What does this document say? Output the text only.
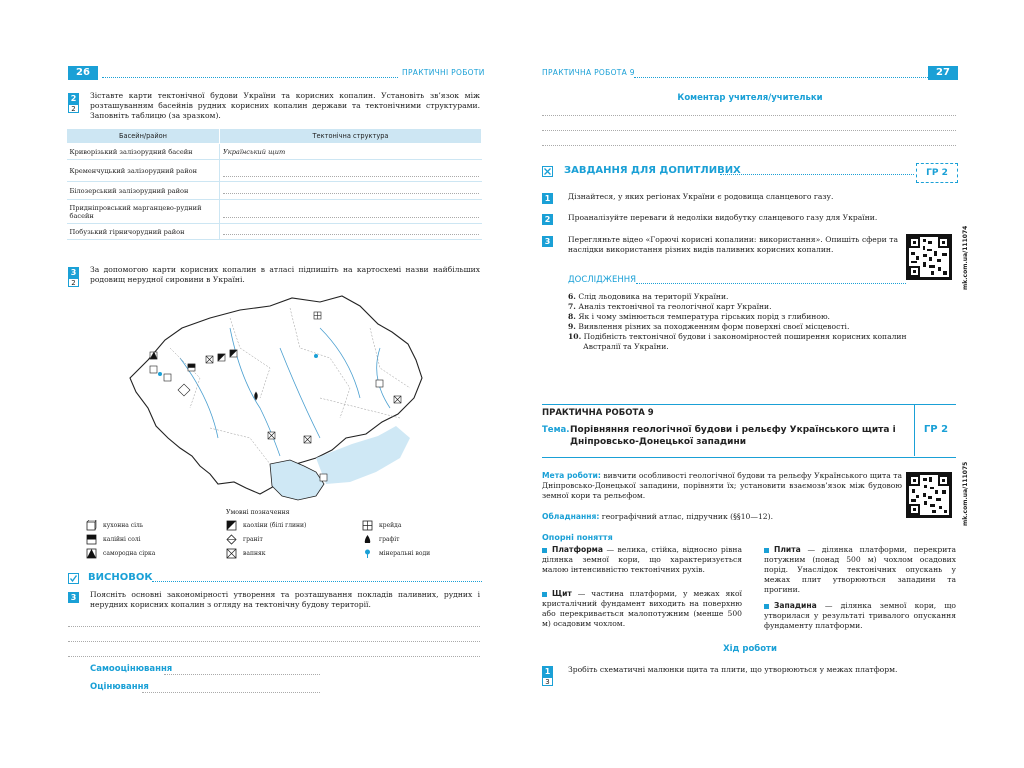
26	ПРАКТИЧНІ РОБОТИ
2
2
Зіставте карти тектонічної будови України та корисних копалин. Установіть зв’язок між розташуванням басейнів рудних корисних копалин держави та тектонічними структурами. Заповніть таблицю (за зразком).
Басейн/район	Тектонічна структура
Криворізький залізорудний басейн	Український щит
Кременчуцький залізорудний район	

Білозерський залізорудний район	

Придніпровський марганцево-рудний басейн	

Побузький гірничорудний район	
3
2
За допомогою карти корисних копалин в атласі підпишіть на картосхемі назви найбільших родовищ нерудної сировини в Україні.
Умовні позначення
кухонна сіль
калійні солі
самородна сірка
каоліни (білі глини)
граніт
вапняк
крейда
графіт
мінеральні води
ВИСНОВОК
3	Поясніть основні закономірності утворення та розташування покладів паливних, рудних і нерудних корисних копалин з огляду на тектонічну будову території.
Самооцінювання
Оцінювання
ПРАКТИЧНА РОБОТА 9	27
Коментар учителя/учительки
ЗАВДАННЯ ДЛЯ ДОПИТЛИВИХ	ГР 2
1	Дізнайтеся, у яких регіонах України є родовища сланцевого газу.
2	Проаналізуйте переваги й недоліки видобутку сланцевого газу для України.
3	Перегляньте відео «Горючі корисні копалини: використання». Опишіть сфери та наслідки використання різних видів паливних корисних копалин.	mk.com.ua/111074
ДОСЛІДЖЕННЯ
6. Слід льодовика на території України.
7. Аналіз тектонічної та геологічної карт України.
8. Як і чому змінюється температура гірських порід з глибиною.
9. Виявлення різних за походженням форм поверхні своєї місцевості.
10. Подібність тектонічної будови і закономірностей поширення корисних копалин Австралії та України.
ПРАКТИЧНА РОБОТА 9
Тема. Порівняння геологічної будови і рельєфу Українського щита і Дніпровсько-Донецької западини
ГР 2
Мета роботи: вивчити особливості геологічної будови та рельєфу Українського щита та Дніпровсько-Донецької западини, порівняти їх; установити взаємозв’язок між будовою земної кори та рельєфом.
Обладнання: географічний атлас, підручник (§§10—12).	mk.com.ua/111075
Опорні поняття
Платформа — велика, стійка, відносно рівна ділянка земної кори, що характеризується малою інтенсивністю тектонічних рухів.
Щит — частина платформи, у межах якої кристалічний фундамент виходить на поверхню або перекривається малопотужним (менше 500 м) осадовим чохлом.
Плита — ділянка платформи, перекрита потужним (понад 500 м) чохлом осадових порід. Унаслідок тектонічних опускань у межах плит утворюються западини та прогини.
Западина — ділянка земної кори, що утворилася у результаті тривалого опускання фундаменту платформи.
Хід роботи
1
3
Зробіть схематичні малюнки щита та плити, що утворюються у межах платформ.
